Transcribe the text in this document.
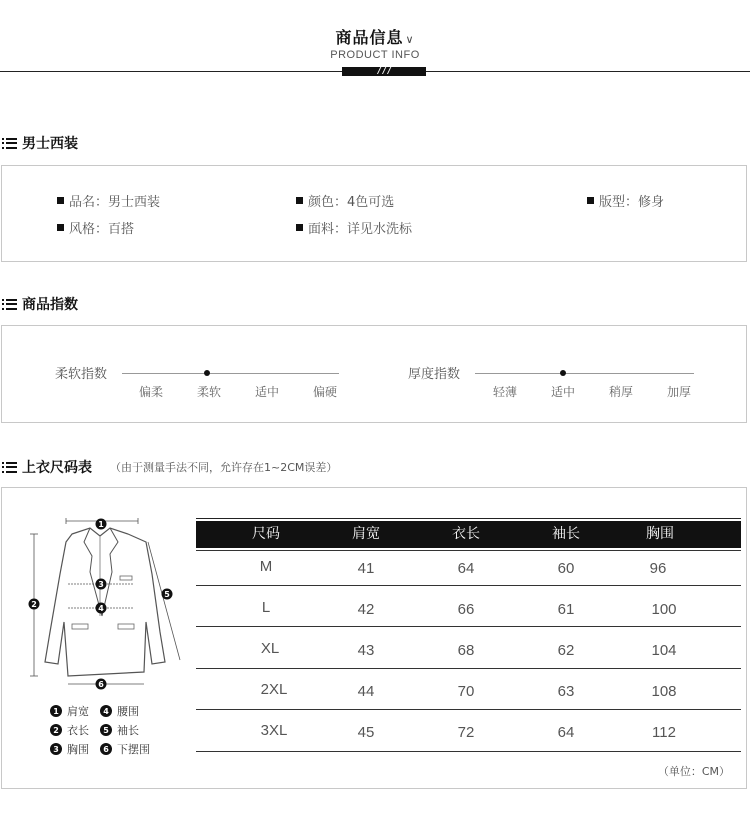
商品信息 ∨
PRODUCT INFO
///
男士西装
品名：男士西装	颜色：4色可选	版型：修身
风格：百搭	面料：详见水洗标
商品指数
柔软指数
偏柔	柔软	适中	偏硬
厚度指数
轻薄	适中	稍厚	加厚
上衣尺码表 （由于测量手法不同，允许存在1~2CM误差）
1
2
3
4
5
6
1 肩宽	4 腰围
2 衣长	5 袖长
3 胸围	6 下摆围
尺码	肩宽	衣长	袖长	胸围
M	41	64	60	96
L	42	66	61	100
XL	43	68	62	104
2XL	44	70	63	108
3XL	45	72	64	112
（单位：CM）
